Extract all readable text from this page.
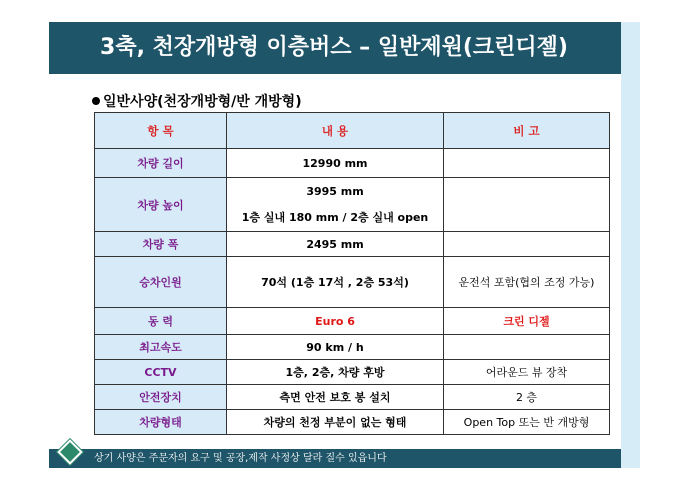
3축, 천장개방형 이층버스 – 일반제원(크린디젤)
일반사양(천장개방형/반 개방형)
항 목	내 용	비 고
차량 길이	12990 mm	
차량 높이	3995 mm
1층 실내 180 mm / 2층 실내 open	

차량 폭	2495 mm	
승차인원	70석 (1층 17석 , 2층 53석)	운전석 포함(협의 조정 가능)
동 력	Euro 6	크린 디젤
최고속도	90 km / h	
CCTV	1층, 2층, 차량 후방	어라운드 뷰 장착
안전장치	측면 안전 보호 봉 설치	2 층
차량형태	차량의 천정 부분이 없는 형태	Open Top 또는 반 개방형
상기 사양은 주문자의 요구 및 공장,제작 사정상 달라 질수 있읍니다
